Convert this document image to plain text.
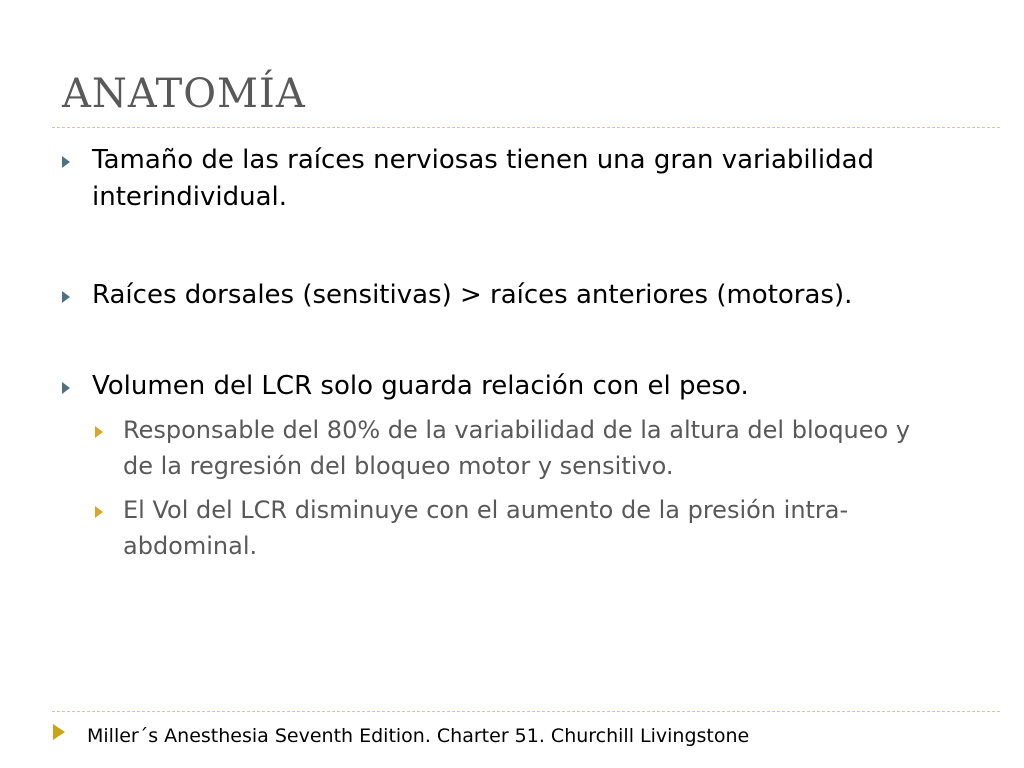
ANATOMÍA
Tamaño de las raíces nerviosas tienen una gran variabilidad interindividual.
Raíces dorsales (sensitivas) > raíces anteriores (motoras).
Volumen del LCR solo guarda relación con el peso.
Responsable del 80% de la variabilidad de la altura del bloqueo y de la regresión del bloqueo motor y sensitivo.
El Vol del LCR disminuye con el aumento de la presión intra-abdominal.
Miller´s Anesthesia Seventh Edition. Charter 51. Churchill Livingstone
